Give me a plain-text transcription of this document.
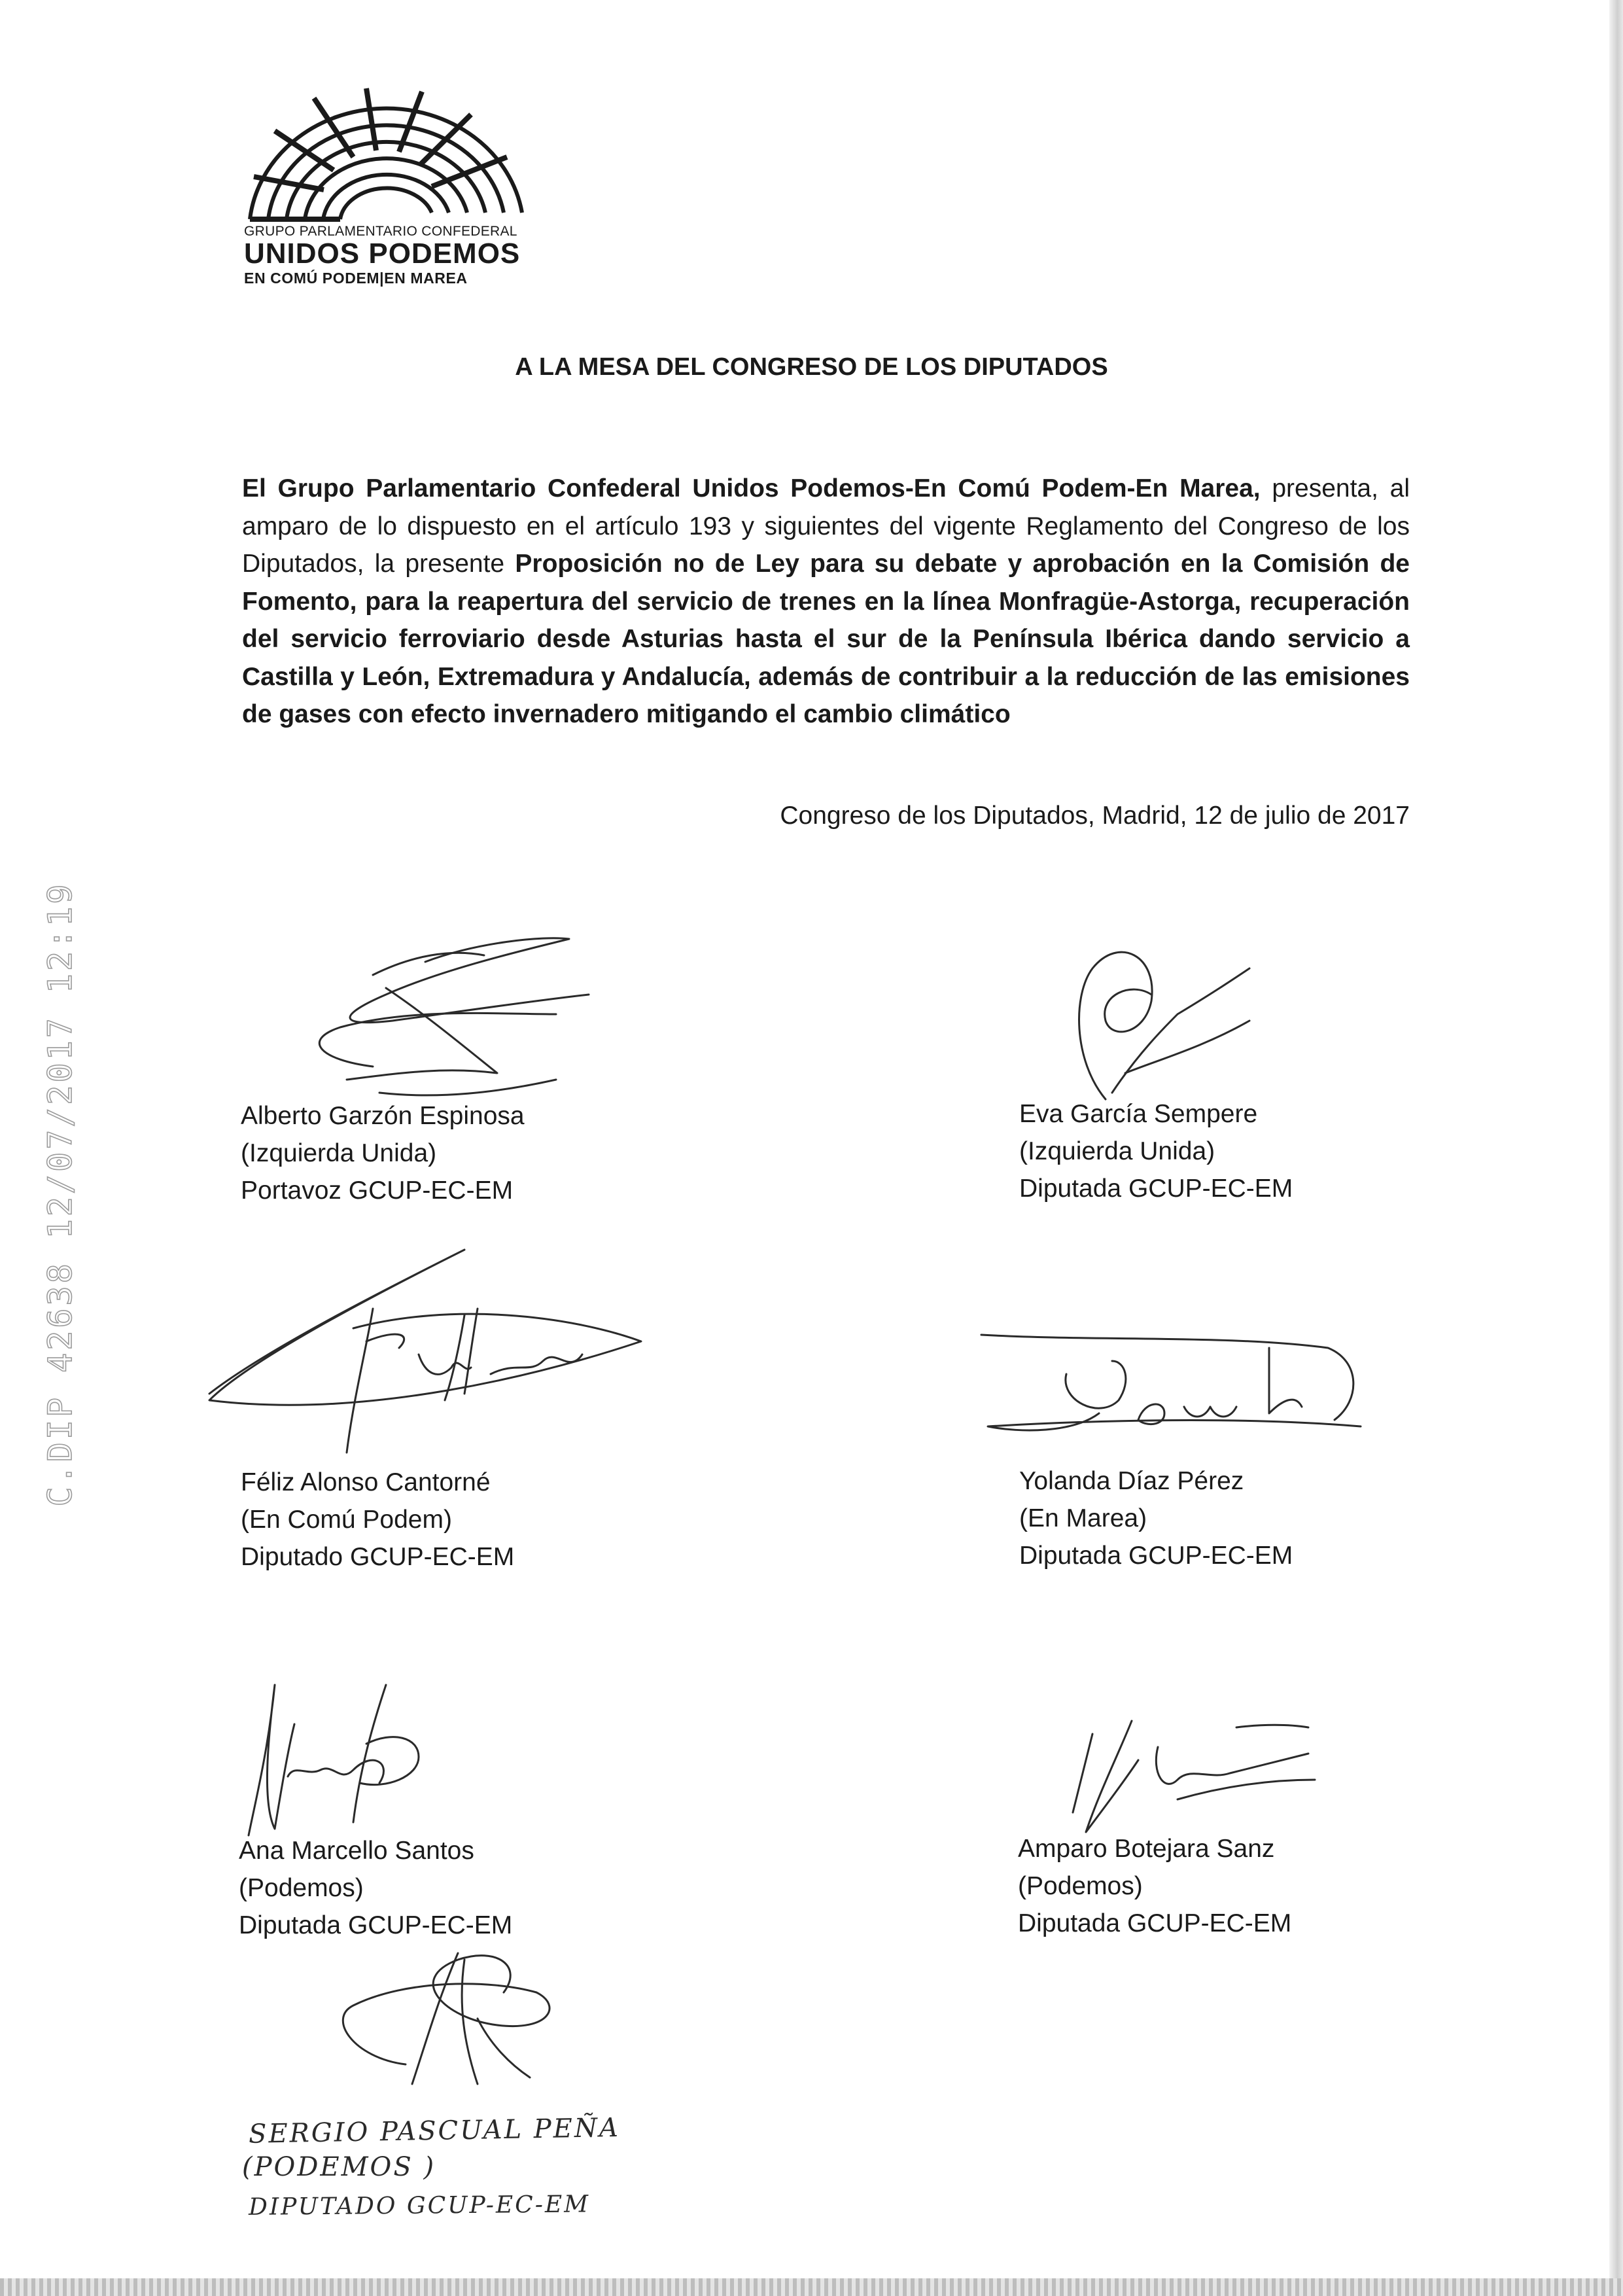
GRUPO PARLAMENTARIO CONFEDERAL
UNIDOS PODEMOS
EN COMÚ PODEM|EN MAREA
A LA MESA DEL CONGRESO DE LOS DIPUTADOS
El Grupo Parlamentario Confederal Unidos Podemos-En Comú Podem-En Marea, presenta, al amparo de lo dispuesto en el artículo 193 y siguientes del vigente Reglamento del Congreso de los Diputados, la presente Proposición no de Ley para su debate y aprobación en la Comisión de Fomento, para la reapertura del servicio de trenes en la línea Monfragüe-Astorga, recuperación del servicio ferroviario desde Asturias hasta el sur de la Península Ibérica dando servicio a Castilla y León, Extremadura y Andalucía, además de contribuir a la reducción de las emisiones de gases con efecto invernadero mitigando el cambio climático
Congreso de los Diputados, Madrid, 12 de julio de 2017
C.DIP 42638 12/07/2017 12:19	Alberto Garzón Espinosa
(Izquierda Unida)
Portavoz GCUP-EC-EM
Eva García Sempere
(Izquierda Unida)
Diputada GCUP-EC-EM
Féliz Alonso Cantorné
(En Comú Podem)
Diputado GCUP-EC-EM
Yolanda Díaz Pérez
(En Marea)
Diputada GCUP-EC-EM
Ana Marcello Santos
(Podemos)
Diputada GCUP-EC-EM
Amparo Botejara Sanz
(Podemos)
Diputada GCUP-EC-EM
SERGIO PASCUAL PEÑA
(PODEMOS )
DIPUTADO GCUP-EC-EM
